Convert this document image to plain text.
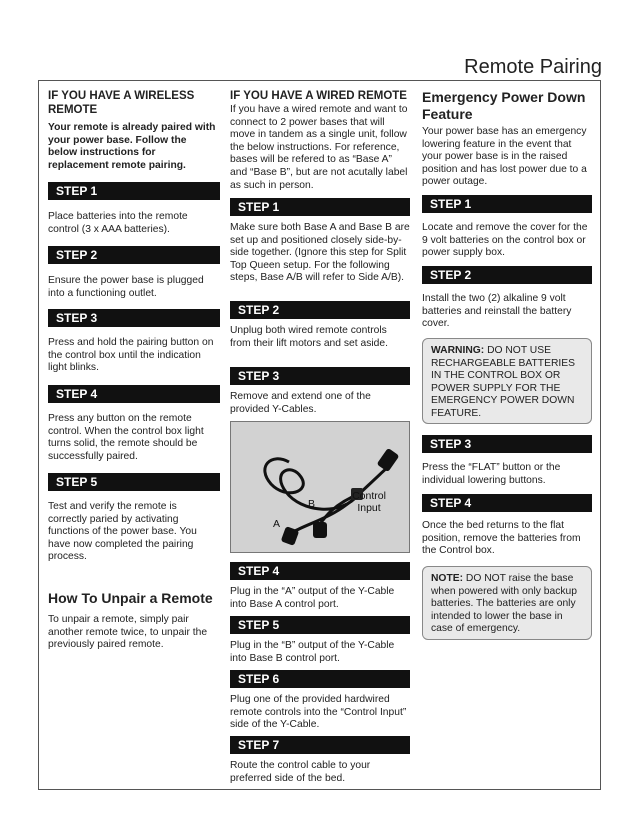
Remote Pairing
IF YOU HAVE A WIRELESS REMOTE

Your remote is already paired with your power base. Follow the below instructions for replacement remote pairing.

STEP 1

Place batteries into the remote control (3 x AAA batteries).

STEP 2

Ensure the power base is plugged into a functioning outlet.

STEP 3

Press and hold the pairing button on the control box until the indication light blinks.

STEP 4

Press any button on the remote control. When the control box light turns solid, the remote should be successfully paired.

STEP 5

Test and verify the remote is correctly paried by activating functions of the power base. You have now completed the pairing process.

How To Unpair a Remote

To unpair a remote, simply pair another remote twice, to unpair the previously paired remote.

IF YOU HAVE A WIRED REMOTE

If you have a wired remote and want to connect to 2 power bases that will move in tandem as a single unit, follow the below instructions. For reference, bases will be refered to as “Base A” and “Base B”, but are not acutally label as such in person.

STEP 1

Make sure both Base A and Base B are set up and positioned closely side-by-side together. (Ignore this step for Split Top Queen setup. For the following steps, Base A/B will refer to Side A/B).

STEP 2

Unplug both wired remote controls from their lift motors and set aside.

STEP 3

Remove and extend one of the provided Y-Cables.

A
B
Control Input
STEP 4

Plug in the “A” output of the Y-Cable into Base A control port.

STEP 5

Plug in the “B” output of the Y-Cable into Base B control port.

STEP 6

Plug one of the provided hardwired remote controls into the “Control Input” side of the Y-Cable.

STEP 7

Route the control cable to your preferred side of the bed.

Emergency Power Down Feature

Your power base has an emergency lowering feature in the event that your power base is in the raised position and has lost power due to a power outage.

STEP 1

Locate and remove the cover for the 9 volt batteries on the control box or power supply box.

STEP 2

Install the two (2) alkaline 9 volt batteries and reinstall the battery cover.

WARNING: DO NOT USE RECHARGEABLE BATTERIES IN THE CONTROL BOX OR POWER SUPPLY FOR THE EMERGENCY POWER DOWN FEATURE.
STEP 3

Press the “FLAT” button or the individual lowering buttons.

STEP 4

Once the bed returns to the flat position, remove the batteries from the Control box.

NOTE: DO NOT raise the base when powered with only backup batteries. The batteries are only intended to lower the base in case of emergency.
